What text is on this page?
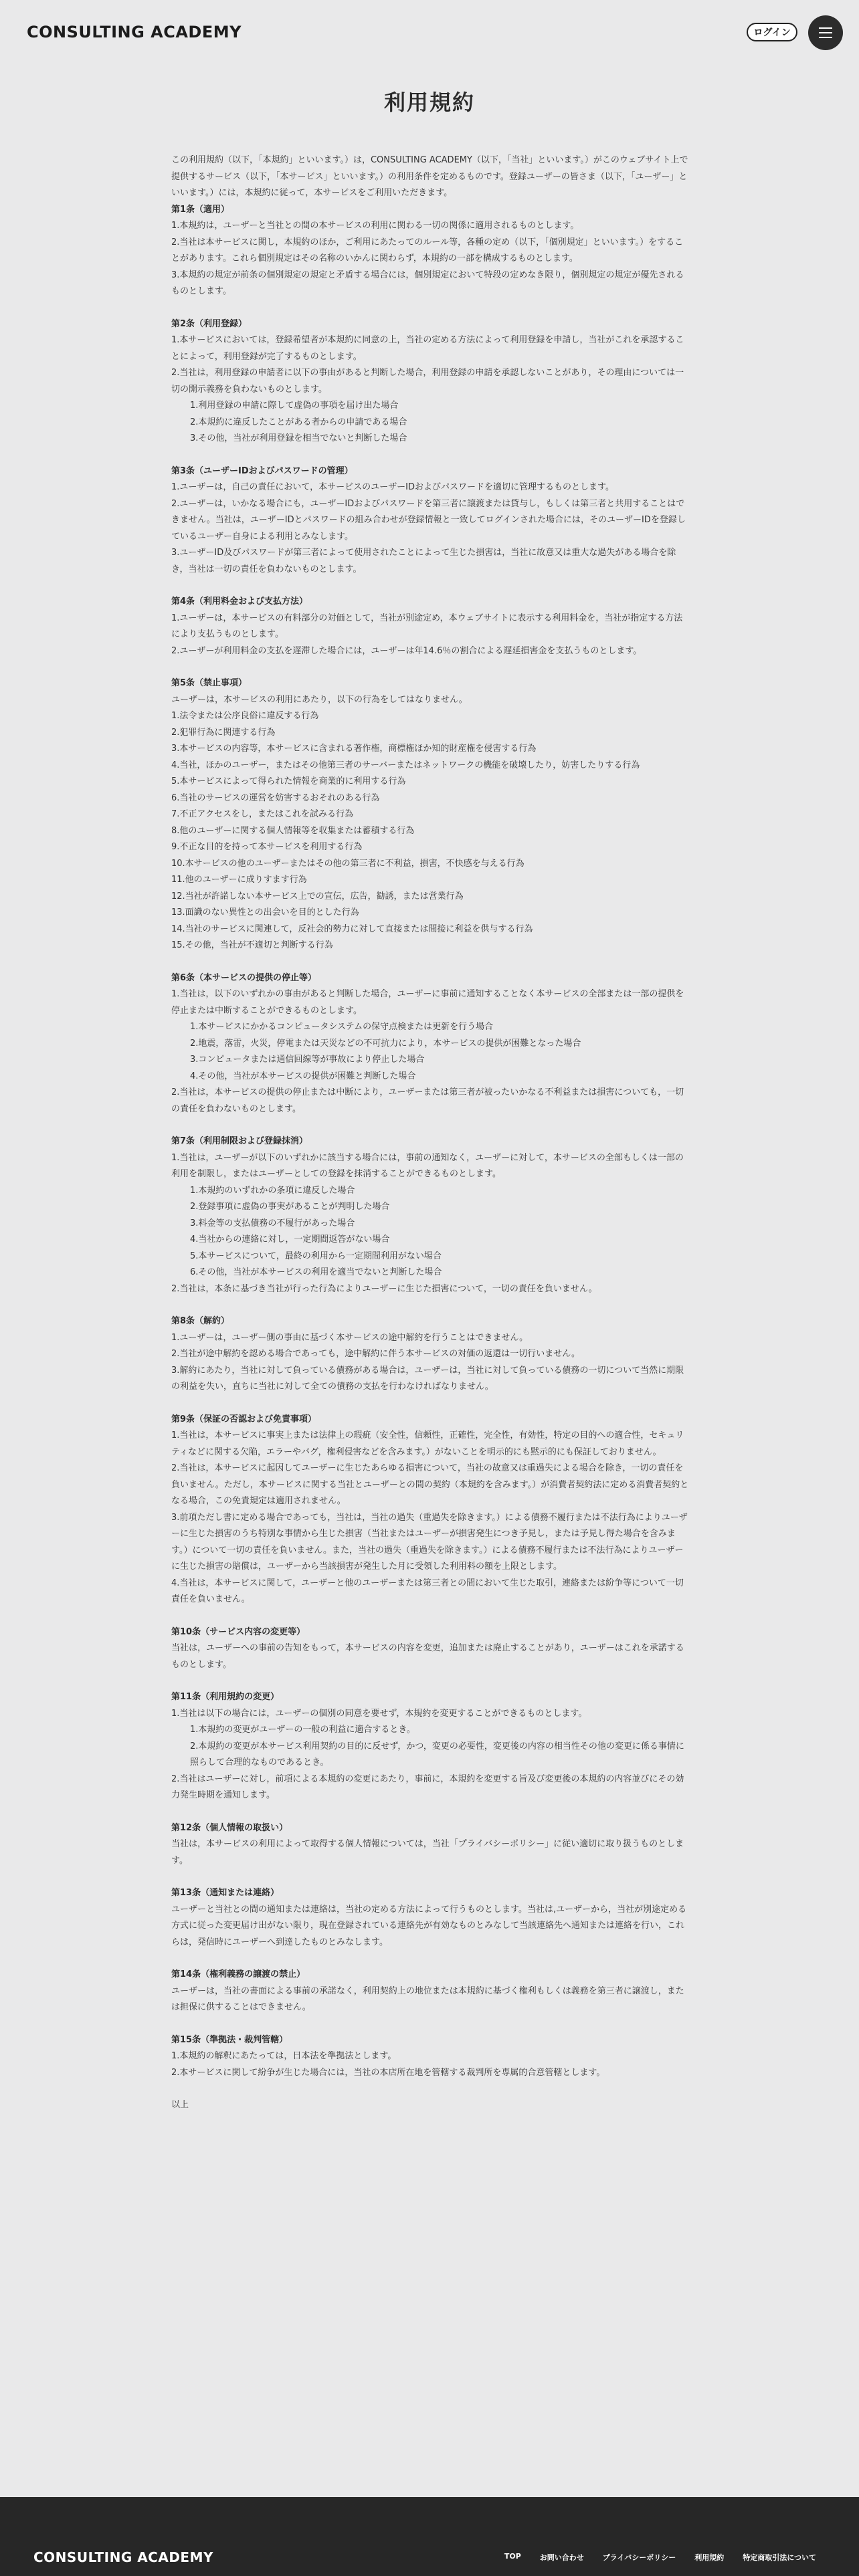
CONSULTING ACADEMY	ログイン
利用規約

この利用規約（以下，「本規約」といいます。）は，CONSULTING ACADEMY（以下，「当社」といいます。）がこのウェブサイト上で提供するサービス（以下，「本サービス」といいます。）の利用条件を定めるものです。登録ユーザーの皆さま（以下，「ユーザー」といいます。）には，本規約に従って，本サービスをご利用いただきます。

第1条（適用）

1.本規約は，ユーザーと当社との間の本サービスの利用に関わる一切の関係に適用されるものとします。

2.当社は本サービスに関し，本規約のほか，ご利用にあたってのルール等，各種の定め（以下，「個別規定」といいます。）をすることがあります。これら個別規定はその名称のいかんに関わらず，本規約の一部を構成するものとします。

3.本規約の規定が前条の個別規定の規定と矛盾する場合には，個別規定において特段の定めなき限り，個別規定の規定が優先されるものとします。

第2条（利用登録）

1.本サービスにおいては，登録希望者が本規約に同意の上，当社の定める方法によって利用登録を申請し，当社がこれを承認することによって，利用登録が完了するものとします。

2.当社は，利用登録の申請者に以下の事由があると判断した場合，利用登録の申請を承認しないことがあり，その理由については一切の開示義務を負わないものとします。

1.利用登録の申請に際して虚偽の事項を届け出た場合

2.本規約に違反したことがある者からの申請である場合

3.その他，当社が利用登録を相当でないと判断した場合

第3条（ユーザーIDおよびパスワードの管理）

1.ユーザーは，自己の責任において，本サービスのユーザーIDおよびパスワードを適切に管理するものとします。

2.ユーザーは，いかなる場合にも，ユーザーIDおよびパスワードを第三者に譲渡または貸与し，もしくは第三者と共用することはできません。当社は，ユーザーIDとパスワードの組み合わせが登録情報と一致してログインされた場合には，そのユーザーIDを登録しているユーザー自身による利用とみなします。

3.ユーザーID及びパスワードが第三者によって使用されたことによって生じた損害は，当社に故意又は重大な過失がある場合を除き，当社は一切の責任を負わないものとします。

第4条（利用料金および支払方法）

1.ユーザーは，本サービスの有料部分の対価として，当社が別途定め，本ウェブサイトに表示する利用料金を，当社が指定する方法により支払うものとします。

2.ユーザーが利用料金の支払を遅滞した場合には，ユーザーは年14.6％の割合による遅延損害金を支払うものとします。

第5条（禁止事項）

ユーザーは，本サービスの利用にあたり，以下の行為をしてはなりません。

1.法令または公序良俗に違反する行為

2.犯罪行為に関連する行為

3.本サービスの内容等，本サービスに含まれる著作権，商標権ほか知的財産権を侵害する行為

4.当社，ほかのユーザー，またはその他第三者のサーバーまたはネットワークの機能を破壊したり，妨害したりする行為

5.本サービスによって得られた情報を商業的に利用する行為

6.当社のサービスの運営を妨害するおそれのある行為

7.不正アクセスをし，またはこれを試みる行為

8.他のユーザーに関する個人情報等を収集または蓄積する行為

9.不正な目的を持って本サービスを利用する行為

10.本サービスの他のユーザーまたはその他の第三者に不利益，損害，不快感を与える行為

11.他のユーザーに成りすます行為

12.当社が許諾しない本サービス上での宣伝，広告，勧誘，または営業行為

13.面識のない異性との出会いを目的とした行為

14.当社のサービスに関連して，反社会的勢力に対して直接または間接に利益を供与する行為

15.その他，当社が不適切と判断する行為

第6条（本サービスの提供の停止等）

1.当社は，以下のいずれかの事由があると判断した場合，ユーザーに事前に通知することなく本サービスの全部または一部の提供を停止または中断することができるものとします。

1.本サービスにかかるコンピュータシステムの保守点検または更新を行う場合

2.地震，落雷，火災，停電または天災などの不可抗力により，本サービスの提供が困難となった場合

3.コンピュータまたは通信回線等が事故により停止した場合

4.その他，当社が本サービスの提供が困難と判断した場合

2.当社は，本サービスの提供の停止または中断により，ユーザーまたは第三者が被ったいかなる不利益または損害についても，一切の責任を負わないものとします。

第7条（利用制限および登録抹消）

1.当社は，ユーザーが以下のいずれかに該当する場合には，事前の通知なく，ユーザーに対して，本サービスの全部もしくは一部の利用を制限し，またはユーザーとしての登録を抹消することができるものとします。

1.本規約のいずれかの条項に違反した場合

2.登録事項に虚偽の事実があることが判明した場合

3.料金等の支払債務の不履行があった場合

4.当社からの連絡に対し，一定期間返答がない場合

5.本サービスについて，最終の利用から一定期間利用がない場合

6.その他，当社が本サービスの利用を適当でないと判断した場合

2.当社は，本条に基づき当社が行った行為によりユーザーに生じた損害について，一切の責任を負いません。

第8条（解約）

1.ユーザーは，ユーザー側の事由に基づく本サービスの途中解約を行うことはできません。

2.当社が途中解約を認める場合であっても，途中解約に伴う本サービスの対価の返還は一切行いません。

3.解約にあたり，当社に対して負っている債務がある場合は，ユーザーは，当社に対して負っている債務の一切について当然に期限の利益を失い，直ちに当社に対して全ての債務の支払を行わなければなりません。

第9条（保証の否認および免責事項）

1.当社は，本サービスに事実上または法律上の瑕疵（安全性，信頼性，正確性，完全性，有効性，特定の目的への適合性，セキュリティなどに関する欠陥，エラーやバグ，権利侵害などを含みます。）がないことを明示的にも黙示的にも保証しておりません。

2.当社は，本サービスに起因してユーザーに生じたあらゆる損害について，当社の故意又は重過失による場合を除き，一切の責任を負いません。ただし，本サービスに関する当社とユーザーとの間の契約（本規約を含みます。）が消費者契約法に定める消費者契約となる場合，この免責規定は適用されません。

3.前項ただし書に定める場合であっても，当社は，当社の過失（重過失を除きます。）による債務不履行または不法行為によりユーザーに生じた損害のうち特別な事情から生じた損害（当社またはユーザーが損害発生につき予見し，または予見し得た場合を含みます。）について一切の責任を負いません。また，当社の過失（重過失を除きます。）による債務不履行または不法行為によりユーザーに生じた損害の賠償は，ユーザーから当該損害が発生した月に受領した利用料の額を上限とします。

4.当社は，本サービスに関して，ユーザーと他のユーザーまたは第三者との間において生じた取引，連絡または紛争等について一切責任を負いません。

第10条（サービス内容の変更等）

当社は，ユーザーへの事前の告知をもって，本サービスの内容を変更，追加または廃止することがあり，ユーザーはこれを承諾するものとします。

第11条（利用規約の変更）

1.当社は以下の場合には，ユーザーの個別の同意を要せず，本規約を変更することができるものとします。

1.本規約の変更がユーザーの一般の利益に適合するとき。

2.本規約の変更が本サービス利用契約の目的に反せず，かつ，変更の必要性，変更後の内容の相当性その他の変更に係る事情に照らして合理的なものであるとき。

2.当社はユーザーに対し，前項による本規約の変更にあたり，事前に，本規約を変更する旨及び変更後の本規約の内容並びにその効力発生時期を通知します。

第12条（個人情報の取扱い）

当社は，本サービスの利用によって取得する個人情報については，当社「プライバシーポリシー」に従い適切に取り扱うものとします。

第13条（通知または連絡）

ユーザーと当社との間の通知または連絡は，当社の定める方法によって行うものとします。当社は,ユーザーから，当社が別途定める方式に従った変更届け出がない限り，現在登録されている連絡先が有効なものとみなして当該連絡先へ通知または連絡を行い，これらは，発信時にユーザーへ到達したものとみなします。

第14条（権利義務の譲渡の禁止）

ユーザーは，当社の書面による事前の承諾なく，利用契約上の地位または本規約に基づく権利もしくは義務を第三者に譲渡し，または担保に供することはできません。

第15条（準拠法・裁判管轄）

1.本規約の解釈にあたっては，日本法を準拠法とします。

2.本サービスに関して紛争が生じた場合には，当社の本店所在地を管轄する裁判所を専属的合意管轄とします。

以上

CONSULTING ACADEMY	TOP	お問い合わせ	プライバシーポリシー	利用規約	特定商取引法について
